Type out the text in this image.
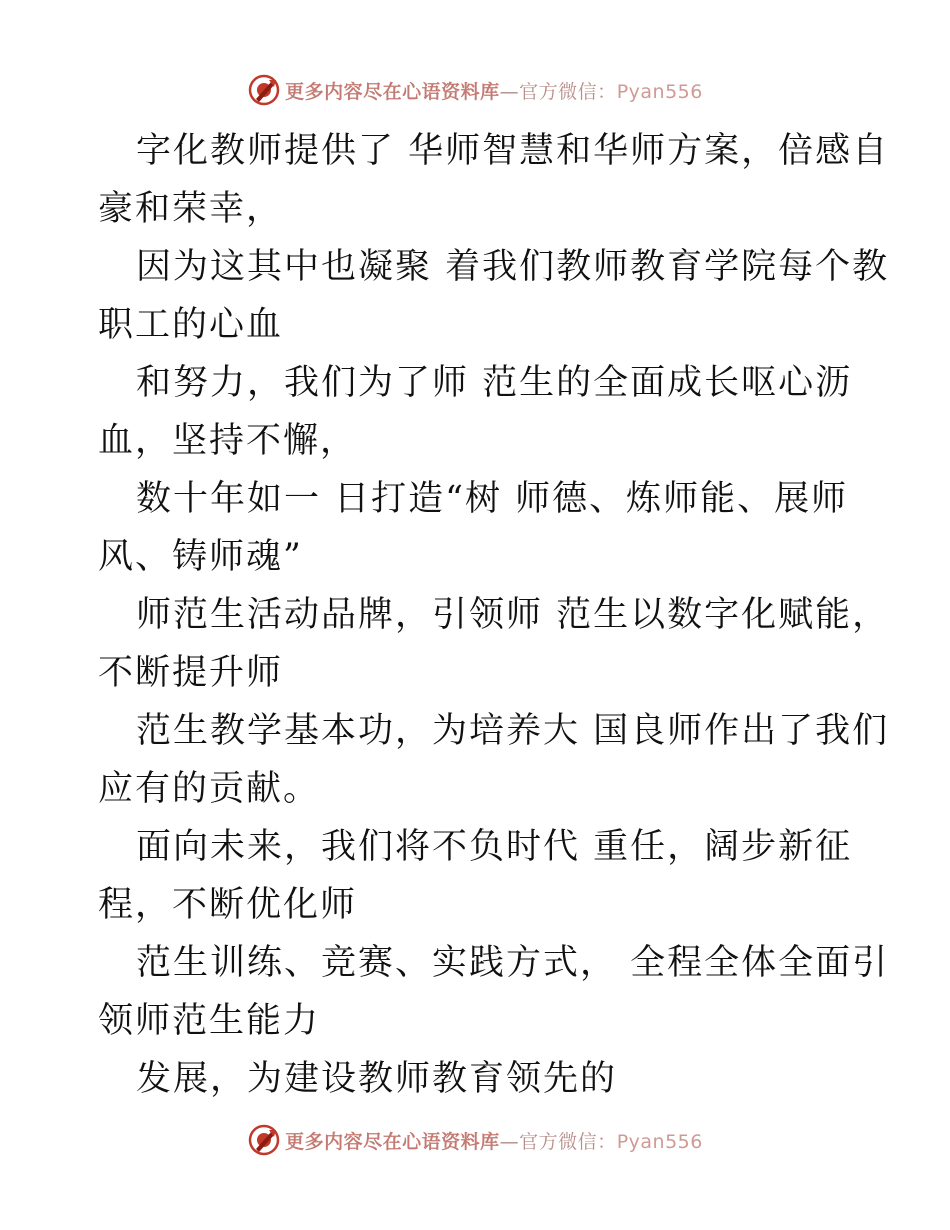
更多内容尽在心语资料库—官方微信：Pyan556
字化教师提供了 华师智慧和华师方案，倍感自
豪和荣幸，
因为这其中也凝聚 着我们教师教育学院每个教
职工的心血
和努力，我们为了师 范生的全面成长呕心沥
血，坚持不懈，
数十年如一 日打造“树 师德、炼师能、展师
风、铸师魂”
师范生活动品牌，引领师 范生以数字化赋能，
不断提升师
范生教学基本功，为培养大 国良师作出了我们
应有的贡献。
面向未来，我们将不负时代 重任，阔步新征
程，不断优化师
范生训练、竞赛、实践方式， 全程全体全面引
领师范生能力
发展，为建设教师教育领先的
更多内容尽在心语资料库—官方微信：Pyan556
